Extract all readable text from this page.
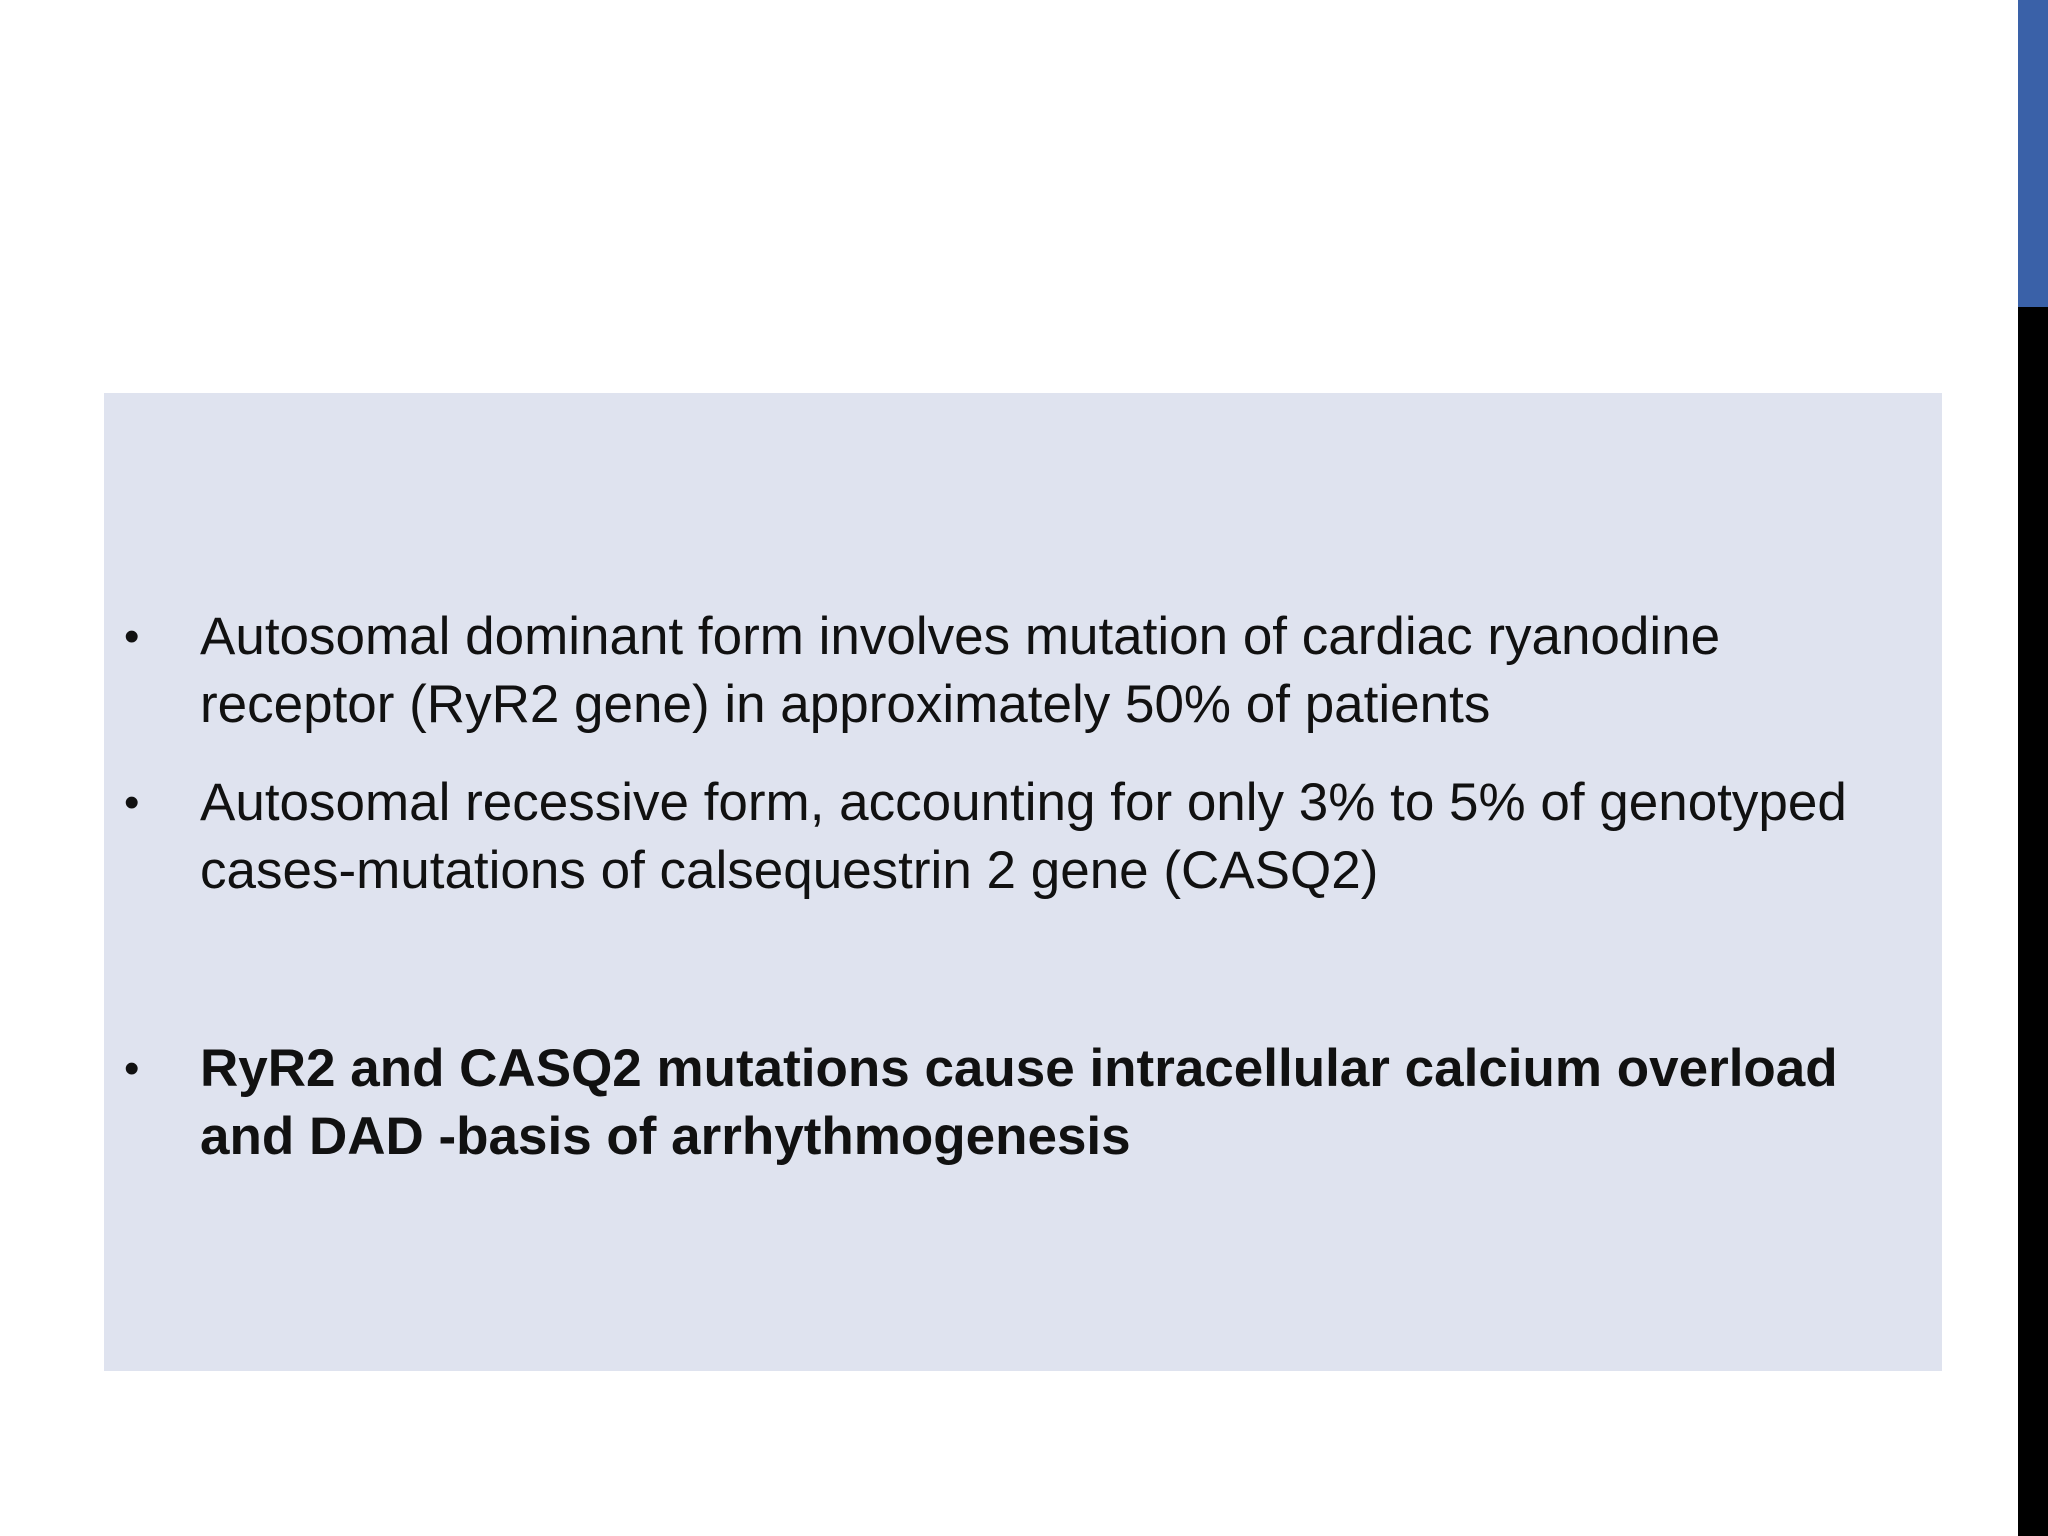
• Autosomal dominant form involves mutation of cardiac ryanodine receptor (RyR2 gene) in approximately 50% of patients
• Autosomal recessive form, accounting for only 3% to 5% of genotyped cases-mutations of calsequestrin 2 gene (CASQ2)
• RyR2 and CASQ2 mutations cause intracellular calcium overload and DAD -basis of arrhythmogenesis
